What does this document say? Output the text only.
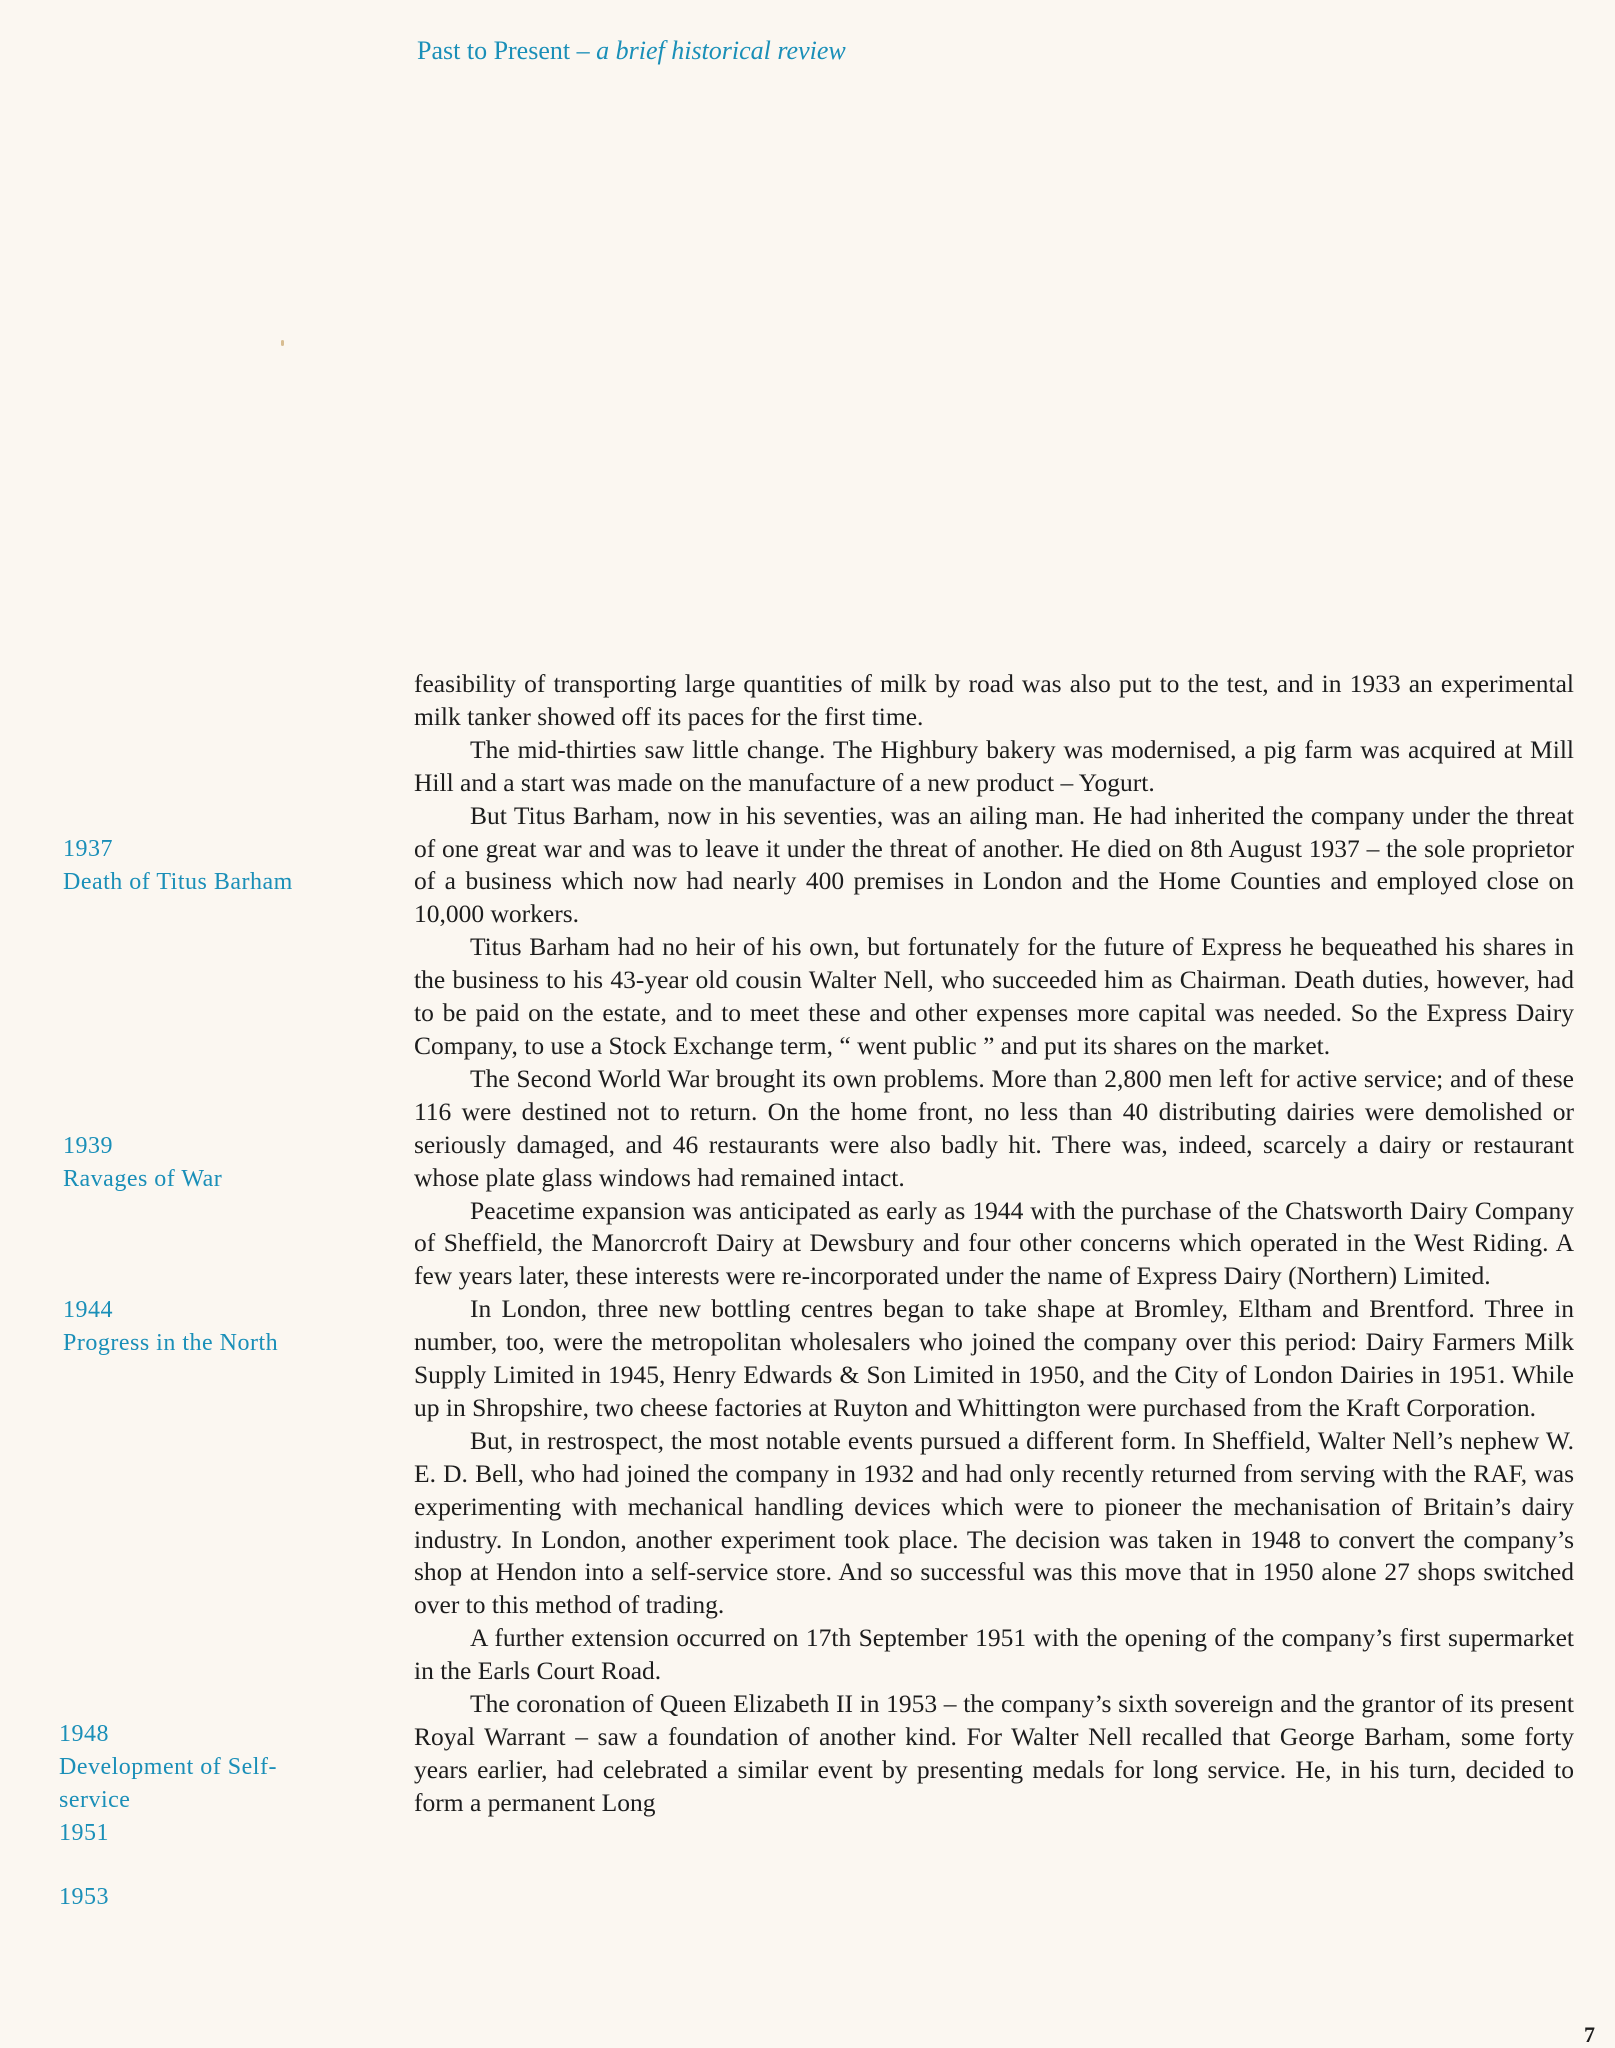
Past to Present – a brief historical review
1937
Death of Titus Barham
1939
Ravages of War
1944
Progress in the North
1948
Development of Self-service
1951
1953

feasibility of transporting large quantities of milk by road was also put to the test, and in 1933 an experimental milk tanker showed off its paces for the first time.

The mid-thirties saw little change. The Highbury bakery was modernised, a pig farm was acquired at Mill Hill and a start was made on the manufacture of a new product – Yogurt.

But Titus Barham, now in his seventies, was an ailing man. He had inherited the company under the threat of one great war and was to leave it under the threat of another. He died on 8th August 1937 – the sole proprietor of a business which now had nearly 400 premises in London and the Home Counties and employed close on 10,000 workers.

Titus Barham had no heir of his own, but fortunately for the future of Express he bequeathed his shares in the business to his 43-year old cousin Walter Nell, who succeeded him as Chairman. Death duties, however, had to be paid on the estate, and to meet these and other expenses more capital was needed. So the Express Dairy Company, to use a Stock Exchange term, “ went public ” and put its shares on the market.

The Second World War brought its own problems. More than 2,800 men left for active service; and of these 116 were destined not to return. On the home front, no less than 40 distributing dairies were demolished or seriously damaged, and 46 restaurants were also badly hit. There was, indeed, scarcely a dairy or restaurant whose plate glass windows had remained intact.

Peacetime expansion was anticipated as early as 1944 with the purchase of the Chatsworth Dairy Company of Sheffield, the Manorcroft Dairy at Dewsbury and four other concerns which operated in the West Riding. A few years later, these interests were re-incorporated under the name of Express Dairy (Northern) Limited.

In London, three new bottling centres began to take shape at Bromley, Eltham and Brentford. Three in number, too, were the metropolitan wholesalers who joined the company over this period: Dairy Farmers Milk Supply Limited in 1945, Henry Edwards & Son Limited in 1950, and the City of London Dairies in 1951. While up in Shropshire, two cheese factories at Ruyton and Whittington were purchased from the Kraft Corporation.

But, in restrospect, the most notable events pursued a different form. In Sheffield, Walter Nell’s nephew W. E. D. Bell, who had joined the company in 1932 and had only recently returned from serving with the RAF, was experimenting with mechanical handling devices which were to pioneer the mechanisation of Britain’s dairy industry. In London, another experiment took place. The decision was taken in 1948 to convert the company’s shop at Hendon into a self-service store. And so successful was this move that in 1950 alone 27 shops switched over to this method of trading.

A further extension occurred on 17th September 1951 with the opening of the company’s first supermarket in the Earls Court Road.

The coronation of Queen Elizabeth II in 1953 – the company’s sixth sovereign and the grantor of its present Royal Warrant – saw a foundation of another kind. For Walter Nell recalled that George Barham, some forty years earlier, had celebrated a similar event by presenting medals for long service. He, in his turn, decided to form a permanent Long

7
